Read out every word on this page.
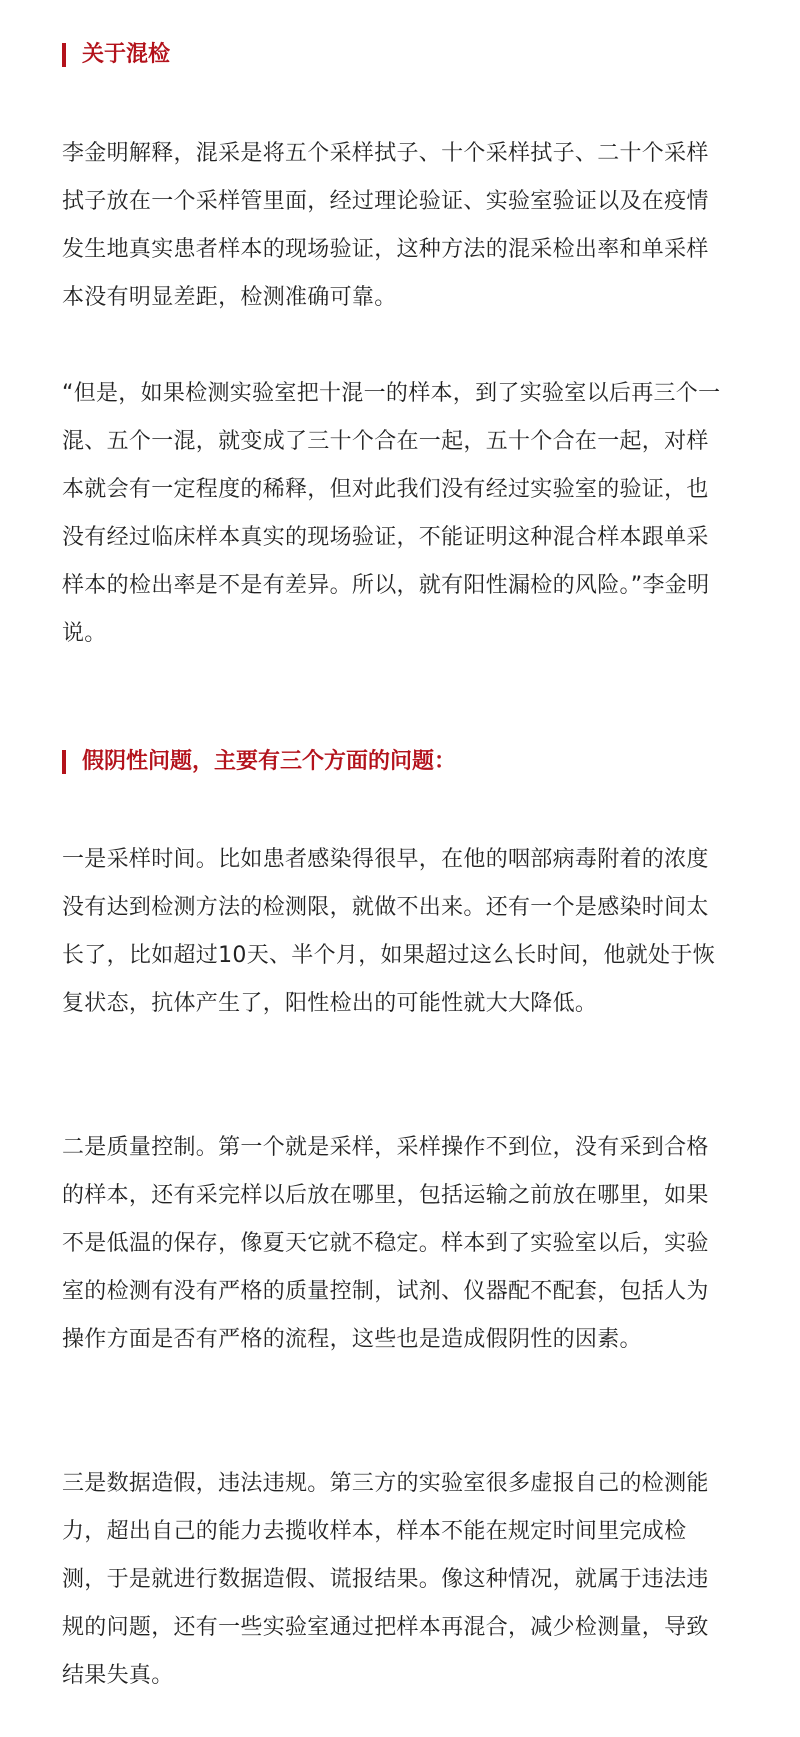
关于混检

李金明解释，混采是将五个采样拭子、十个采样拭子、二十个采样拭子放在一个采样管里面，经过理论验证、实验室验证以及在疫情发生地真实患者样本的现场验证，这种方法的混采检出率和单采样本没有明显差距，检测准确可靠。

“但是，如果检测实验室把十混一的样本，到了实验室以后再三个一混、五个一混，就变成了三十个合在一起，五十个合在一起，对样本就会有一定程度的稀释，但对此我们没有经过实验室的验证，也没有经过临床样本真实的现场验证，不能证明这种混合样本跟单采样本的检出率是不是有差异。所以，就有阳性漏检的风险。”李金明说。

假阴性问题，主要有三个方面的问题：

一是采样时间。比如患者感染得很早，在他的咽部病毒附着的浓度没有达到检测方法的检测限，就做不出来。还有一个是感染时间太长了，比如超过10天、半个月，如果超过这么长时间，他就处于恢复状态，抗体产生了，阳性检出的可能性就大大降低。

二是质量控制。第一个就是采样，采样操作不到位，没有采到合格的样本，还有采完样以后放在哪里，包括运输之前放在哪里，如果不是低温的保存，像夏天它就不稳定。样本到了实验室以后，实验室的检测有没有严格的质量控制，试剂、仪器配不配套，包括人为操作方面是否有严格的流程，这些也是造成假阴性的因素。

三是数据造假，违法违规。第三方的实验室很多虚报自己的检测能力，超出自己的能力去揽收样本，样本不能在规定时间里完成检测，于是就进行数据造假、谎报结果。像这种情况，就属于违法违规的问题，还有一些实验室通过把样本再混合，减少检测量，导致结果失真。
